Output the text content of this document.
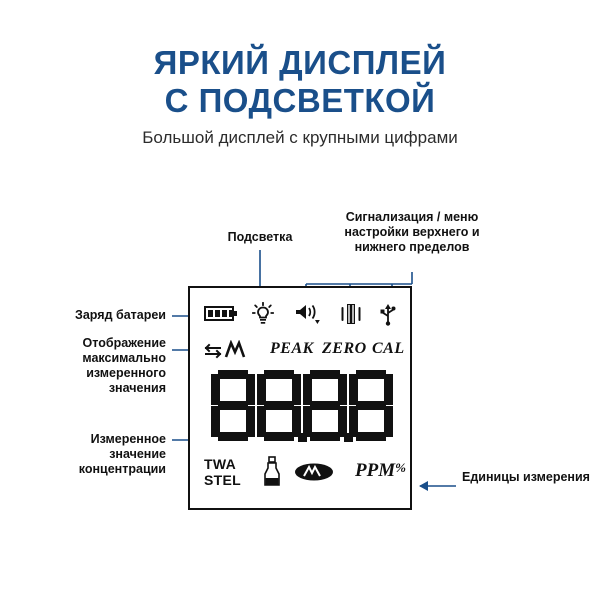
ЯРКИЙ ДИСПЛЕЙ
С ПОДСВЕТКОЙ
Большой дисплей с крупными цифрами
Подсветка
Сигнализация / меню настройки верхнего и нижнего пределов
Заряд батареи
Отображение максимально измеренного значения
Измеренное значение концентрации
Единицы измерения
PEAK ZERO CAL
TWA
STEL	PPM%
